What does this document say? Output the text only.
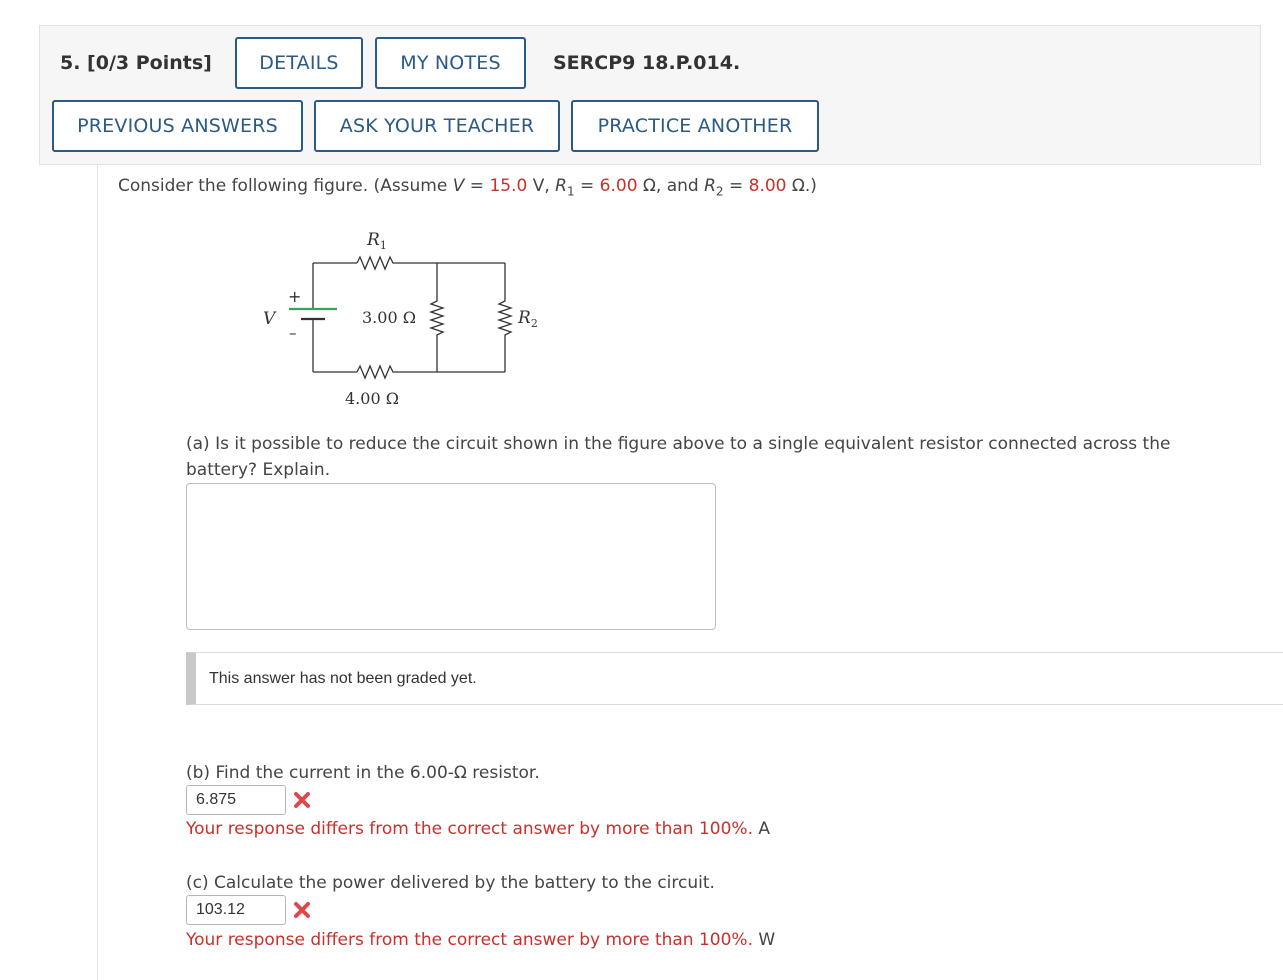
5. [0/3 Points]	DETAILS	MY NOTES	SERCP9 18.P.014.
PREVIOUS ANSWERS	ASK YOUR TEACHER	PRACTICE ANOTHER
Consider the following figure. (Assume V = 15.0 V, $R_1 = 6.00$ Ω, and $R_2 = 8.00$ Ω.)
$R_1$
+
V
–
3.00 Ω	$R_2$
4.00 Ω
(a) Is it possible to reduce the circuit shown in the figure above to a single equivalent resistor connected across the
battery? Explain.
This answer has not been graded yet.
(b) Find the current in the 6.00-Ω resistor.
6.875
Your response differs from the correct answer by more than 100%. A
(c) Calculate the power delivered by the battery to the circuit.
103.12
Your response differs from the correct answer by more than 100%. W
